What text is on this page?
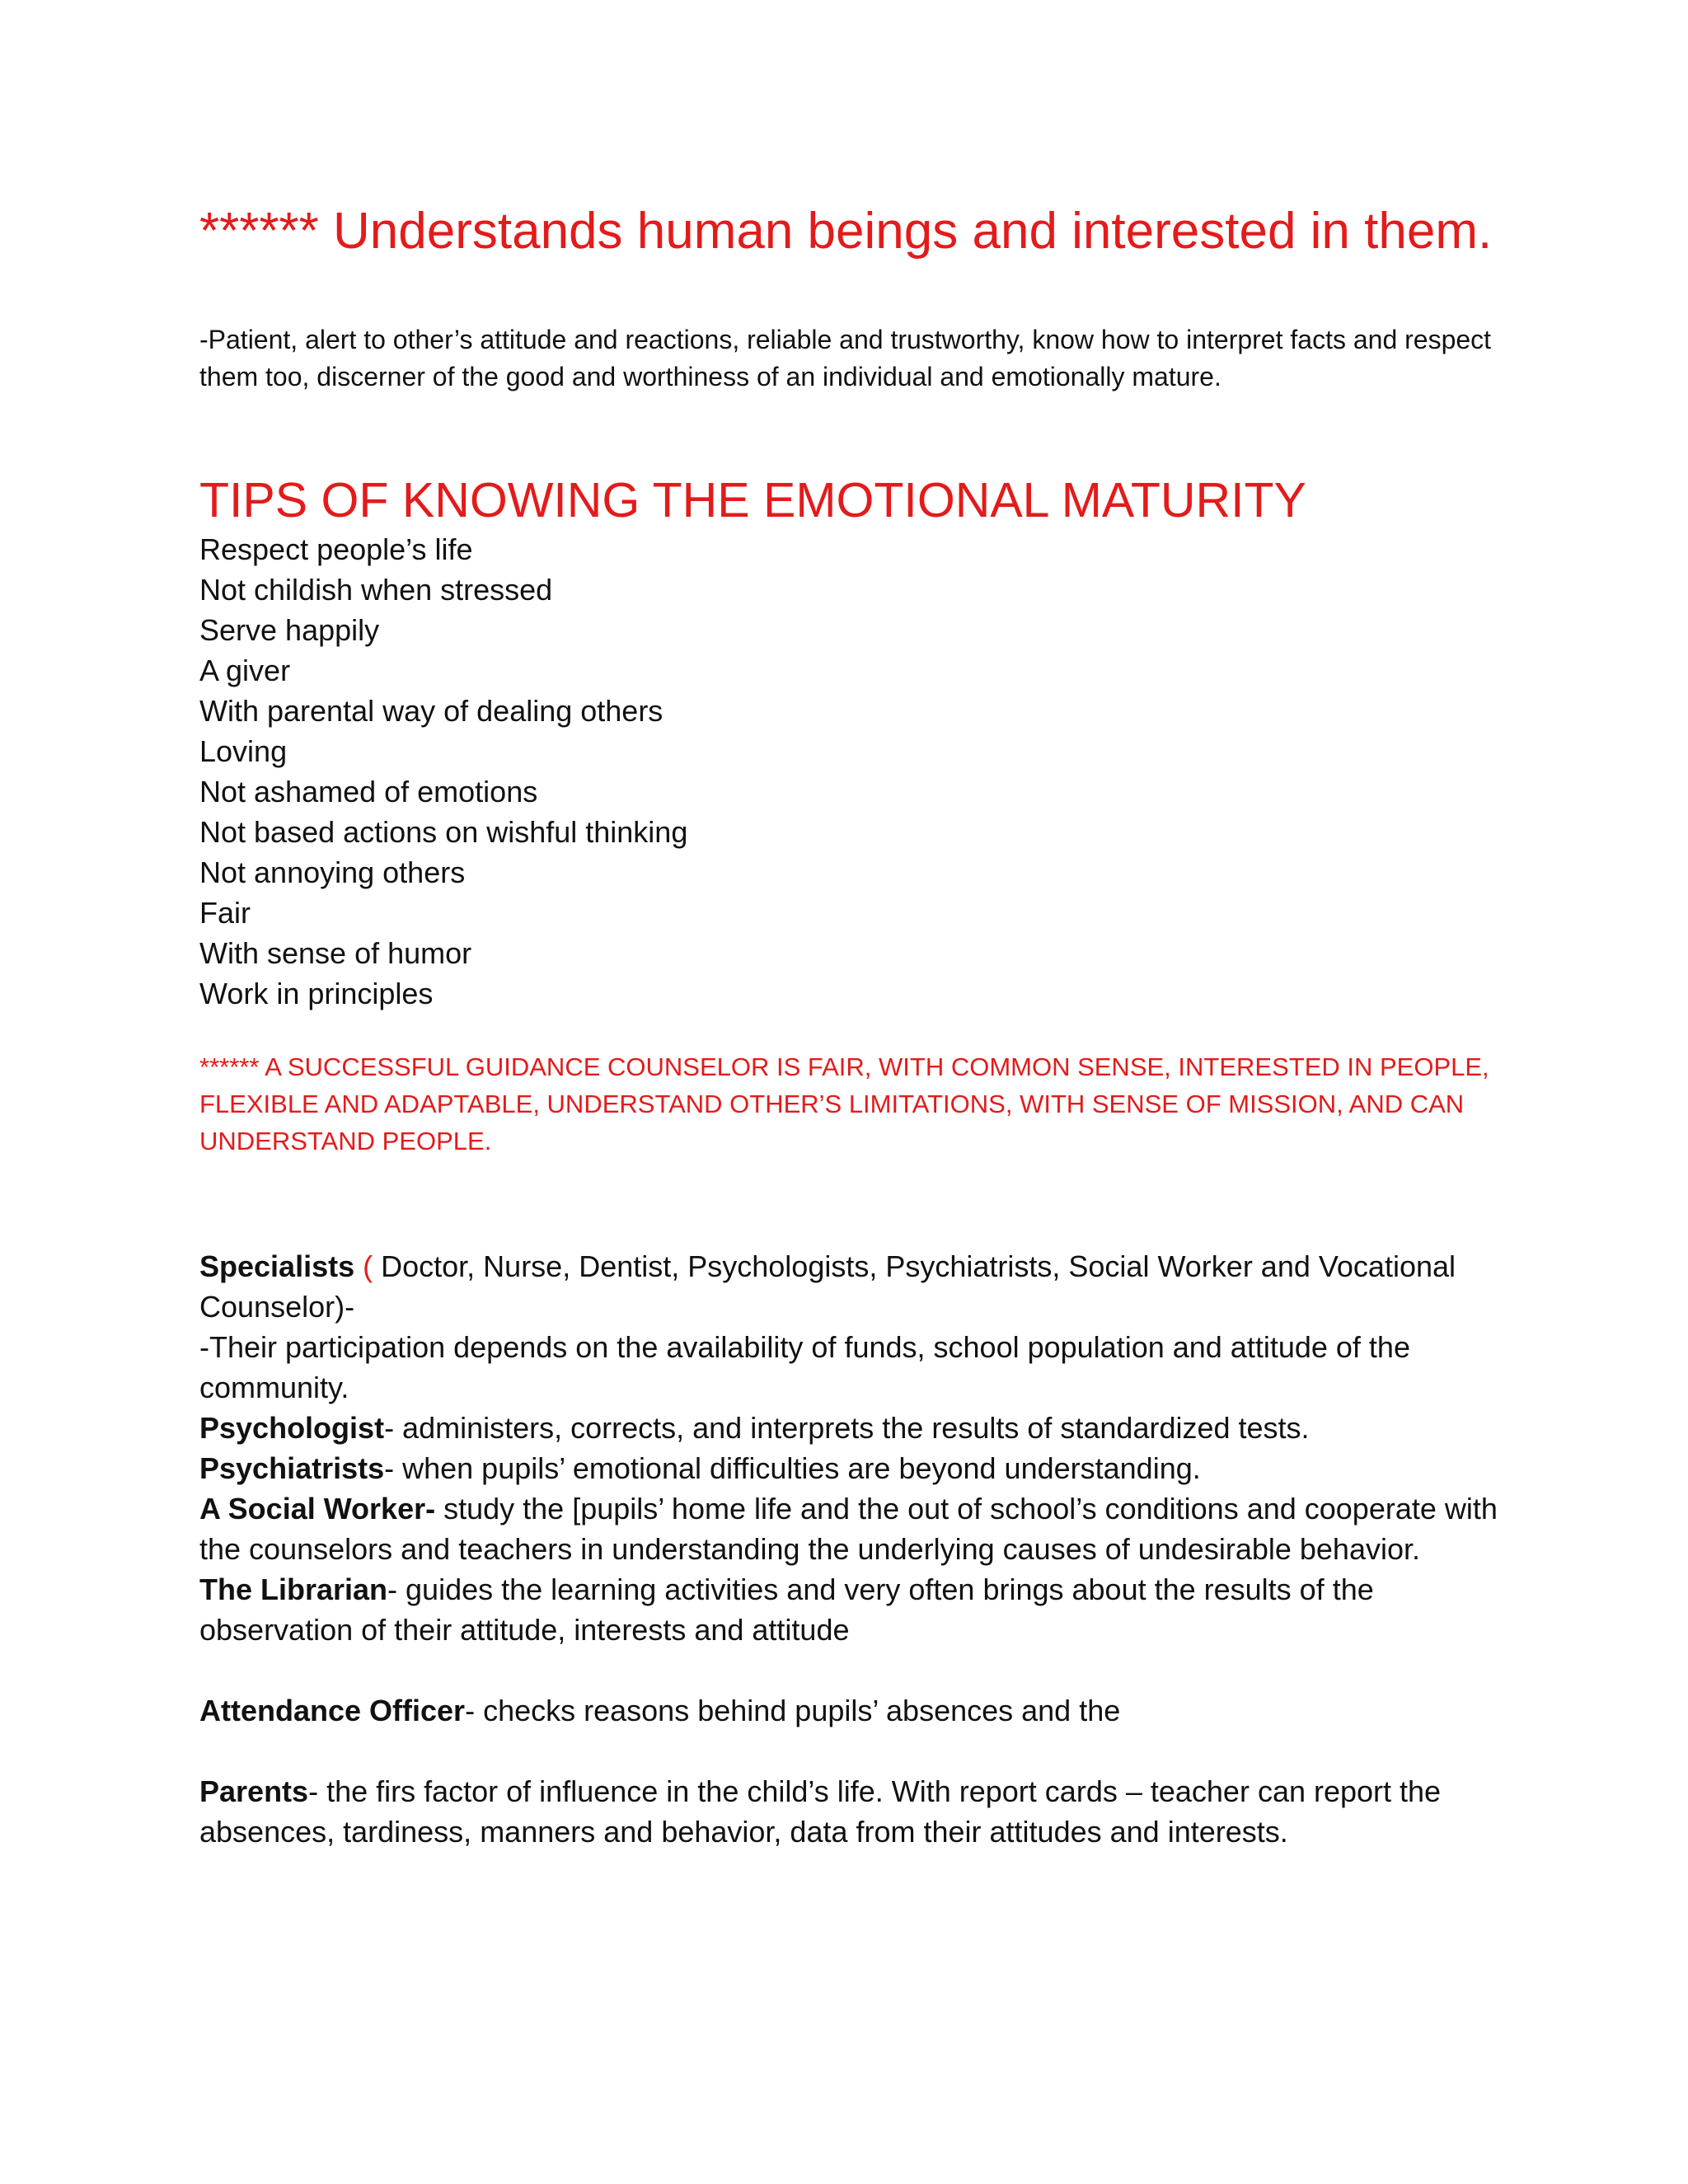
****** Understands human beings and interested in them.
-Patient, alert to other’s attitude and reactions, reliable and trustworthy, know how to interpret facts and respect them too, discerner of the good and worthiness of an individual and emotionally mature.
TIPS OF KNOWING THE EMOTIONAL MATURITY
Respect people’s life
Not childish when stressed
Serve happily
A giver
With parental way of dealing others
Loving
Not ashamed of emotions
Not based actions on wishful thinking
Not annoying others
Fair
With sense of humor
Work in principles
****** A SUCCESSFUL GUIDANCE COUNSELOR IS FAIR, WITH COMMON SENSE, INTERESTED IN PEOPLE, FLEXIBLE AND ADAPTABLE, UNDERSTAND OTHER’S LIMITATIONS, WITH SENSE OF MISSION, AND CAN UNDERSTAND PEOPLE.

Specialists ( Doctor, Nurse, Dentist, Psychologists, Psychiatrists, Social Worker and Vocational Counselor)-

-Their participation depends on the availability of funds, school population and attitude of the community.

Psychologist- administers, corrects, and interprets the results of standardized tests.

Psychiatrists- when pupils’ emotional difficulties are beyond understanding.

A Social Worker- study the [pupils’ home life and the out of school’s conditions and cooperate with the counselors and teachers in understanding the underlying causes of undesirable behavior.

The Librarian- guides the learning activities and very often brings about the results of the observation of their attitude, interests and attitude

Attendance Officer- checks reasons behind pupils’ absences and the

Parents- the firs factor of influence in the child’s life. With report cards – teacher can report the absences, tardiness, manners and behavior, data from their attitudes and interests.
